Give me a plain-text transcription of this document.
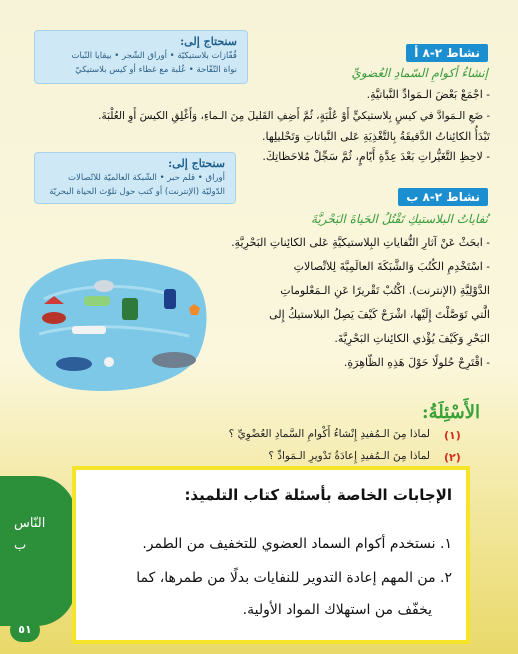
سنحتاج إلى:
قُفّازات بلاستيكيّة • أوراق الشّجر • بيقايا النّبات
نواة التّفّاحة • عُلبة مع غطاء أو كيس بلاستيكيّ
نشاط ٢-٨ أ
إنشاءُ أكوامِ السّمادِ العُضويِّ
- اجْمَعْ بَعْضَ الـمَوادِّ النَّباتيَّةِ.
- ضَعِ الـمَوادَّ في كيسٍ بِلاستيكيٍّ أَوْ عُلْبَةٍ، ثُمَّ أَضِفِ القَليلَ مِنَ الـماءِ، وَأَغْلِقِ الكيسَ أَوِ العُلْبَةَ.
تَبْدَأُ الكائِناتُ الدَّقيقَةُ بِالتَّغْذِيَةِ عَلى النَّباتاتِ وَتَحْليلِها.
- لاحِظِ التَّغَيُّراتِ بَعْدَ عِدَّةِ أَيّامٍ، ثُمَّ سَجِّلْ مُلاحَظاتِكَ.
سنحتاج إلى:
أوراق • قلم حبر • الشّبكة العالميّة للاتّصالات
الدّوليّة (الإنترنت) أو كتب حول تلوّث الحياة البحريّة	نشاط ٢-٨ ب
نُفاياتُ البلاستيكِ تَقْتُلُ الحَياةَ البَحْريَّةَ
- ابحَثْ عَنْ آثارِ النُّفاياتِ البِلاستيكيَّةِ عَلى الكائِناتِ البَحْرِيَّةِ.
- اسْتَخْدِمِ الكُتُبَ وَالشَّبَكَةَ العالَمِيَّةَ لِلاتِّصالاتِ
الدَّوْلِيَّةِ (الإنترنت). اكْتُبْ تَقْريرًا عَنِ الـمَعْلوماتِ
الَّتي تَوَصَّلْتَ إِلَيْها، اشْرَحْ كَيْفَ يَصِلُ البلاستيكُ إِلى
البَحْرِ وَكَيْفَ يُؤْذي الكائِناتِ البَحْرِيَّةَ.
- اقْتَرِحْ حُلولًا حَوْلَ هَذِهِ الظّاهِرَةِ.
الأَسْئِلَةُ:
(١)
لماذا مِنَ الـمُفيدِ إِنْشاءُ أَكْوامِ السَّمادِ العُضْوِيِّ ؟
(٢)
لماذا مِنَ الـمُفيدِ إِعادَةُ تَدْويرِ الـمَوادِّ ؟
النّاس
ب
الإجابات الخاصة بأسئلة كتاب التلميذ:
١. نستخدم أكوام السماد العضوي للتخفيف من الطمر.
٢. من المهم إعادة التدوير للنفايات بدلًا من طمرها، كما
يخفّف من استهلاك المواد الأولية.
٥١
